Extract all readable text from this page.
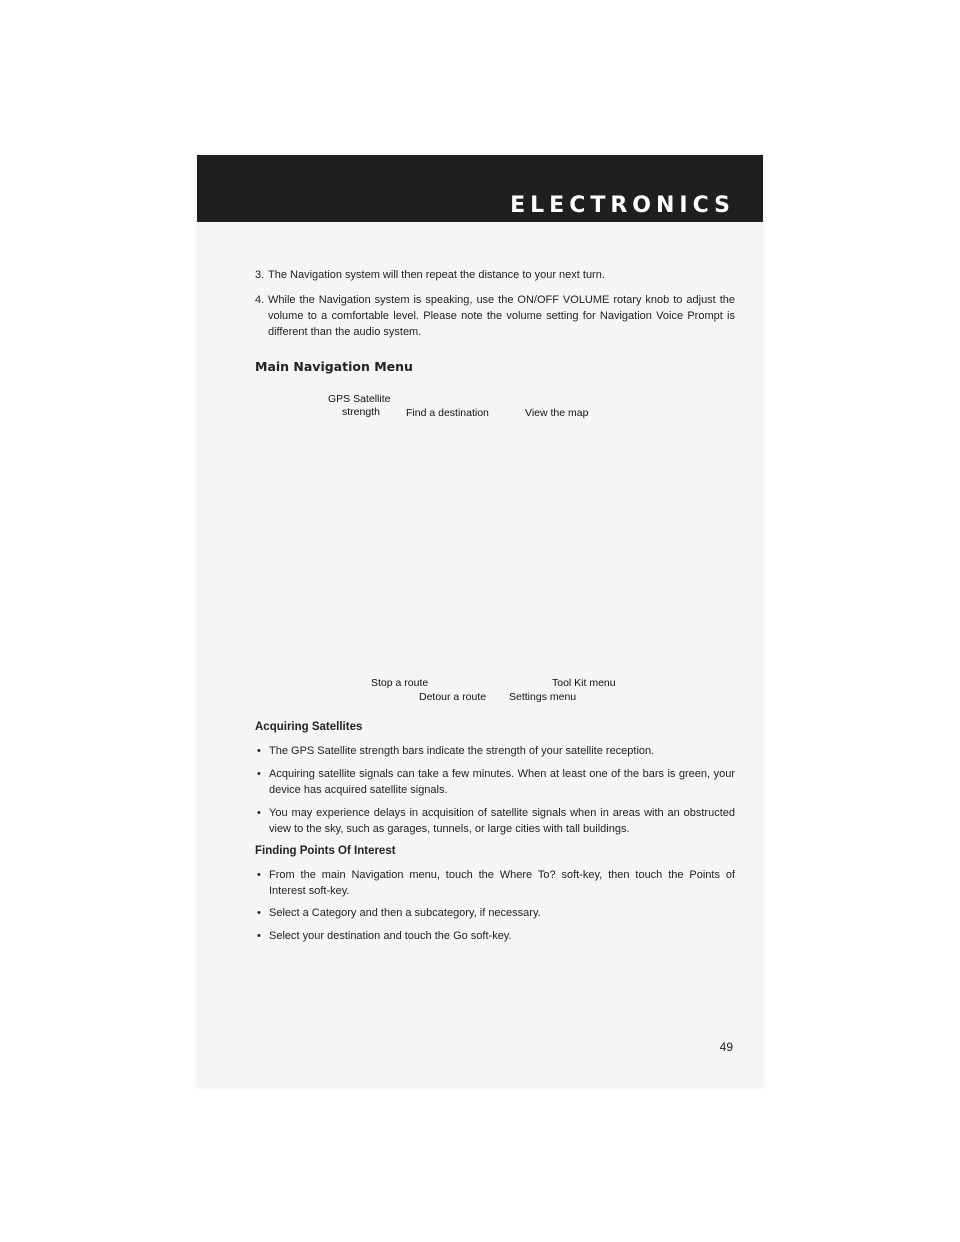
ELECTRONICS
3. The Navigation system will then repeat the distance to your next turn.
4. While the Navigation system is speaking, use the ON/OFF VOLUME rotary knob to adjust the volume to a comfortable level. Please note the volume setting for Navigation Voice Prompt is different than the audio system.
Main Navigation Menu
GPS Satellite
strength Find a destination	View the map
Stop a route	Tool Kit menu
Detour a route Settings menu
Acquiring Satellites
• The GPS Satellite strength bars indicate the strength of your satellite reception.
• Acquiring satellite signals can take a few minutes. When at least one of the bars is green, your device has acquired satellite signals.
• You may experience delays in acquisition of satellite signals when in areas with an obstructed view to the sky, such as garages, tunnels, or large cities with tall buildings.
Finding Points Of Interest
• From the main Navigation menu, touch the Where To? soft-key, then touch the Points of Interest soft-key.
• Select a Category and then a subcategory, if necessary.
• Select your destination and touch the Go soft-key.
49
